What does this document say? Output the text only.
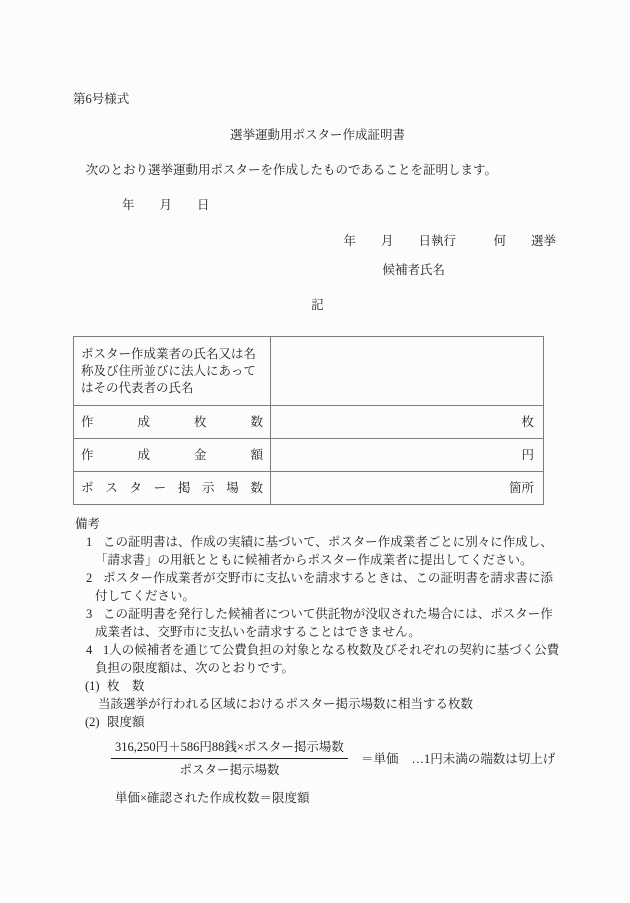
第6号様式
選挙運動用ポスター作成証明書
次のとおり選挙運動用ポスターを作成したものであることを証明します。
年　　月　　日
年　　月　　日執行　　　何　　選挙
候補者氏名
記
ポスター作成業者の氏名又は名称及び住所並びに法人にあってはその代表者の氏名	

作成枚数	枚
作成金額	円
ポスター掲示場数	箇所
備考

1 この証明書は、作成の実績に基づいて、ポスター作成業者ごとに別々に作成し、「請求書」の用紙とともに候補者からポスター作成業者に提出してください。

2 ポスター作成業者が交野市に支払いを請求するときは、この証明書を請求書に添付してください。

3 この証明書を発行した候補者について供託物が没収された場合には、ポスター作成業者は、交野市に支払いを請求することはできません。

4 1人の候補者を通じて公費負担の対象となる枚数及びそれぞれの契約に基づく公費負担の限度額は、次のとおりです。

(1) 枚　数

当該選挙が行われる区域におけるポスター掲示場数に相当する枚数

(2) 限度額

$\frac{\text{316,250円＋586円88銭×ポスター掲示場数}}{\text{ポスター掲示場数}}$ ＝単価 …1円未満の端数は切上げ
単価×確認された作成枚数＝限度額
